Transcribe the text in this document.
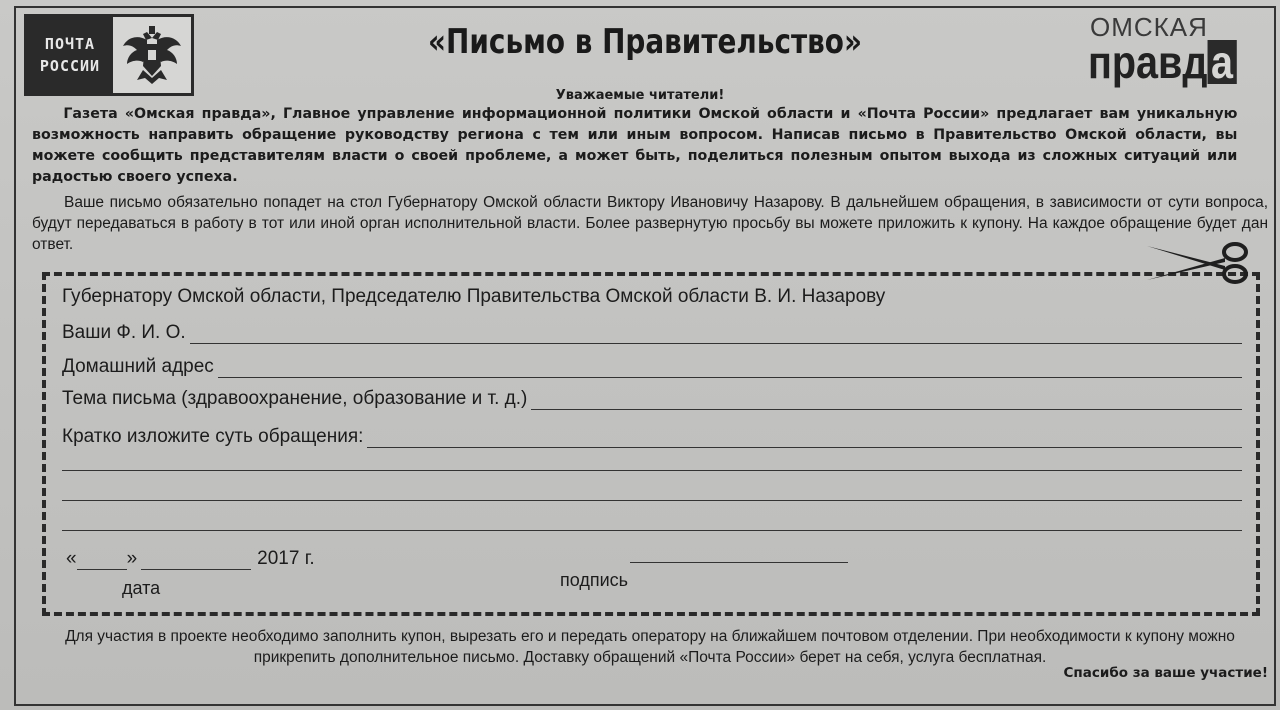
ПОЧТА
РОССИИ
«Письмо в Правительство»	ОМСКАЯ
правда
Уважаемые читатели!
Газета «Омская правда», Главное управление информационной политики Омской области и «Почта России» предлагает вам уникальную возможность направить обращение руководству региона с тем или иным вопросом. Написав письмо в Правительство Омской области, вы можете сообщить представителям власти о своей проблеме, а может быть, поделиться полезным опытом выхода из сложных ситуаций или радостью своего успеха.
Ваше письмо обязательно попадет на стол Губернатору Омской области Виктору Ивановичу Назарову. В дальнейшем обращения, в зависимости от сути вопроса, будут передаваться в работу в тот или иной орган исполнительной власти. Более развернутую просьбу вы можете приложить к купону. На каждое обращение будет дан ответ.
Губернатору Омской области, Председателю Правительства Омской области В. И. Назарову
Ваши Ф. И. О.
Домашний адрес
Тема письма (здравоохранение, образование и т. д.)
Кратко изложите суть обращения:
«	»	2017 г.
дата	подпись
Для участия в проекте необходимо заполнить купон, вырезать его и передать оператору на ближайшем почтовом отделении. При необходимости к купону можно прикрепить дополнительное письмо. Доставку обращений «Почта России» берет на себя, услуга бесплатная.
Спасибо за ваше участие!
